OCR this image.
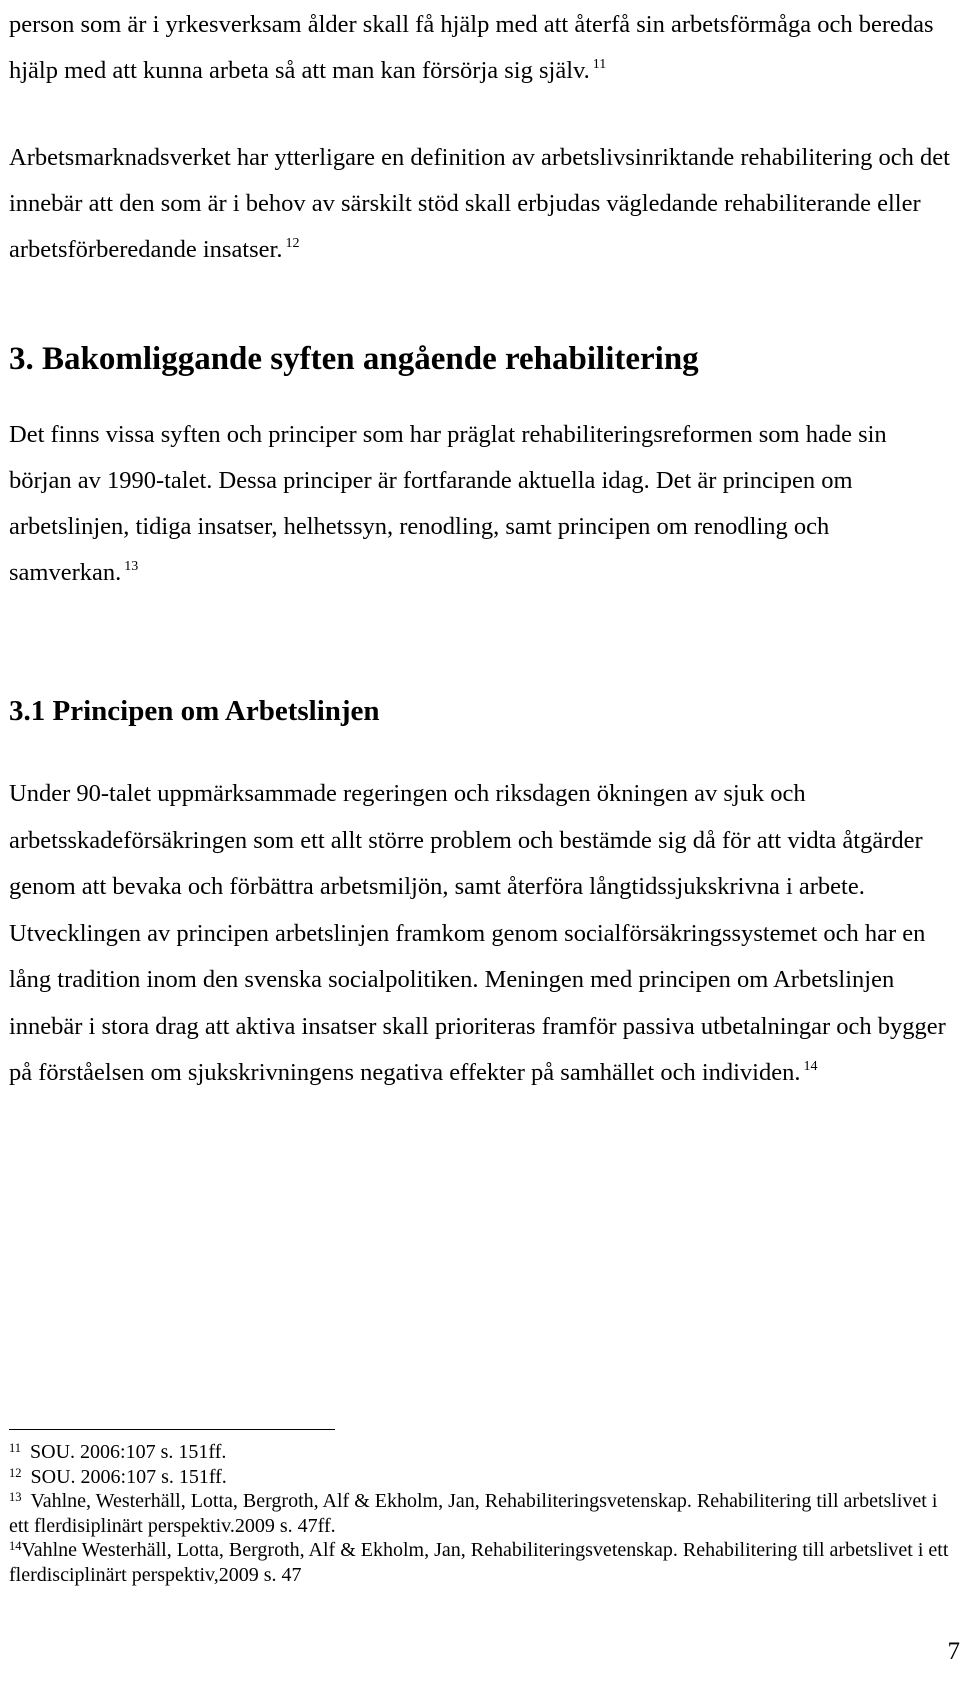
person som är i yrkesverksam ålder skall få hjälp med att återfå sin arbetsförmåga och beredas hjälp med att kunna arbeta så att man kan försörja sig själv. $^{11}$

Arbetsmarknadsverket har ytterligare en definition av arbetslivsinriktande rehabilitering och det innebär att den som är i behov av särskilt stöd skall erbjudas vägledande rehabiliterande eller arbetsförberedande insatser. $^{12}$

3. Bakomliggande syften angående rehabilitering

Det finns vissa syften och principer som har präglat rehabiliteringsreformen som hade sin början av 1990-talet. Dessa principer är fortfarande aktuella idag. Det är principen om arbetslinjen, tidiga insatser, helhetssyn, renodling, samt principen om renodling och samverkan. $^{13}$

3.1 Principen om Arbetslinjen

Under 90-talet uppmärksammade regeringen och riksdagen ökningen av sjuk och arbetsskadeförsäkringen som ett allt större problem och bestämde sig då för att vidta åtgärder genom att bevaka och förbättra arbetsmiljön, samt återföra långtidssjukskrivna i arbete. Utvecklingen av principen arbetslinjen framkom genom socialförsäkringssystemet och har en lång tradition inom den svenska socialpolitiken. Meningen med principen om Arbetslinjen innebär i stora drag att aktiva insatser skall prioriteras framför passiva utbetalningar och bygger på förståelsen om sjukskrivningens negativa effekter på samhället och individen. $^{14}$

$^{11}$ SOU. 2006:107 s. 151ff.

$^{12}$ SOU. 2006:107 s. 151ff.

$^{13}$ Vahlne, Westerhäll, Lotta, Bergroth, Alf & Ekholm, Jan, Rehabiliteringsvetenskap. Rehabilitering till arbetslivet i ett flerdisiplinärt perspektiv.2009 s. 47ff.

$^{14}$Vahlne Westerhäll, Lotta, Bergroth, Alf & Ekholm, Jan, Rehabiliteringsvetenskap. Rehabilitering till arbetslivet i ett flerdisciplinärt perspektiv,2009 s. 47

7
